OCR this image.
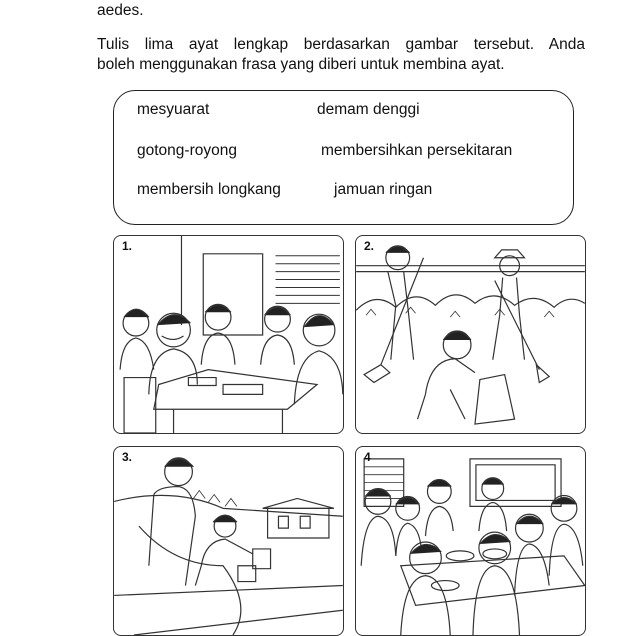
aedes.
Tulis lima ayat lengkap berdasarkan gambar tersebut. Anda
boleh menggunakan frasa yang diberi untuk membina ayat.
mesyuarat	demam denggi
gotong-royong	membersihkan persekitaran
membersih longkang	jamuan ringan
1.	2.
3.	4
